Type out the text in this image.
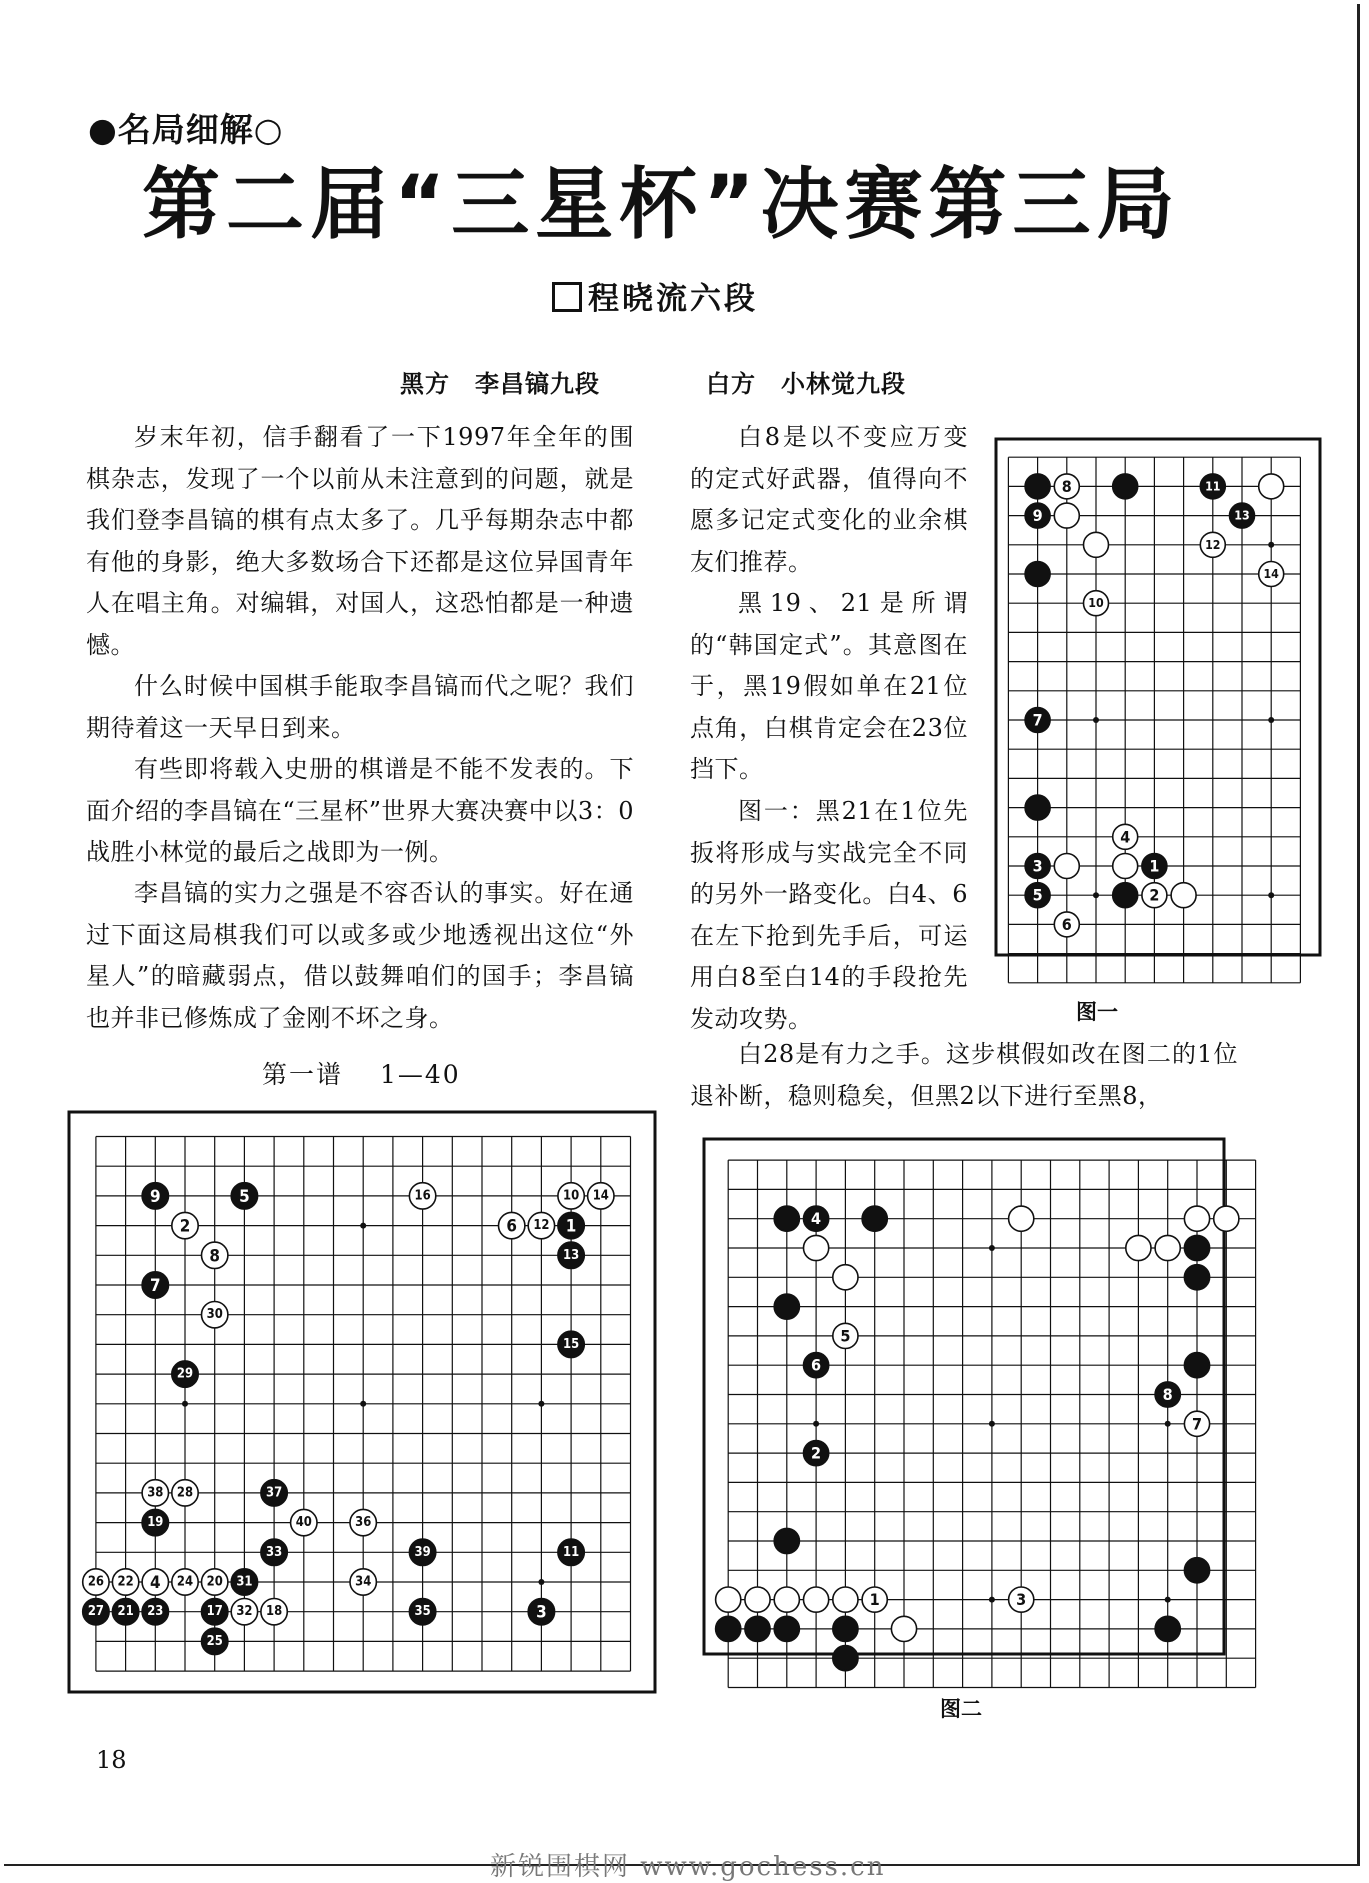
●名局细解○
第二届“三星杯”决赛第三局
程晓流六段
黑方　李昌镐九段	白方　小林觉九段

岁末年初，信手翻看了一下1997年全年的围棋杂志，发现了一个以前从未注意到的问题，就是我们登李昌镐的棋有点太多了。几乎每期杂志中都有他的身影，绝大多数场合下还都是这位异国青年人在唱主角。对编辑，对国人，这恐怕都是一种遗憾。

什么时候中国棋手能取李昌镐而代之呢？我们期待着这一天早日到来。

有些即将载入史册的棋谱是不能不发表的。下面介绍的李昌镐在“三星杯”世界大赛决赛中以3：0战胜小林觉的最后之战即为一例。

李昌镐的实力之强是不容否认的事实。好在通过下面这局棋我们可以或多或少地透视出这位“外星人”的暗藏弱点，借以鼓舞咱们的国手；李昌镐也并非已修炼成了金刚不坏之身。

白8是以不变应万变的定式好武器，值得向不愿多记定式变化的业余棋友们推荐。

黑19、21是所谓的“韩国定式”。其意图在于，黑19假如单在21位点角，白棋肯定会在23位挡下。

图一：黑21在1位先扳将形成与实战完全不同的另外一路变化。白4、6在左下抢到先手后，可运用白8至白14的手段抢先发动攻势。

白28是有力之手。这步棋假如改在图二的1位退补断，稳则稳矣，但黑2以下进行至黑8，

第一谱　 1—40
9	5	16	10 14
2	6 12 1
8	13
7
30
15
29
38 28	37
19	40	36
33	39	11
26 22 4 24 20 31	34
27 21 23	17 32 18	35	3
25
8	11
9	13
12
14
10
7
4
3	1
5	2
6
4
5
6
8
7
2
1	3
图一
图二
18
新锐围棋网 www.gochess.cn
